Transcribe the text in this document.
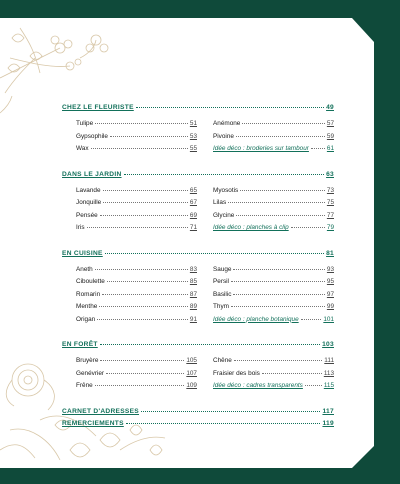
CHEZ LE FLEURISTE	49
Tulipe	51
Gypsophile	53
Wax	55
Anémone	57
Pivoine	59
Idée déco : broderies sur tambour	61
DANS LE JARDIN	63
Lavande	65
Jonquille	67
Pensée	69
Iris	71
Myosotis	73
Lilas	75
Glycine	77
Idée déco : planches à clip	79
EN CUISINE	81
Aneth	83
Ciboulette	85
Romarin	87
Menthe	89
Origan	91
Sauge	93
Persil	95
Basilic	97
Thym	99
Idée déco : planche botanique	101
EN FORÊT	103
Bruyère	105
Genévrier	107
Frêne	109
Chêne	111
Fraisier des bois	113
Idée déco : cadres transparents	115
CARNET D'ADRESSES	117
REMERCIEMENTS	119
